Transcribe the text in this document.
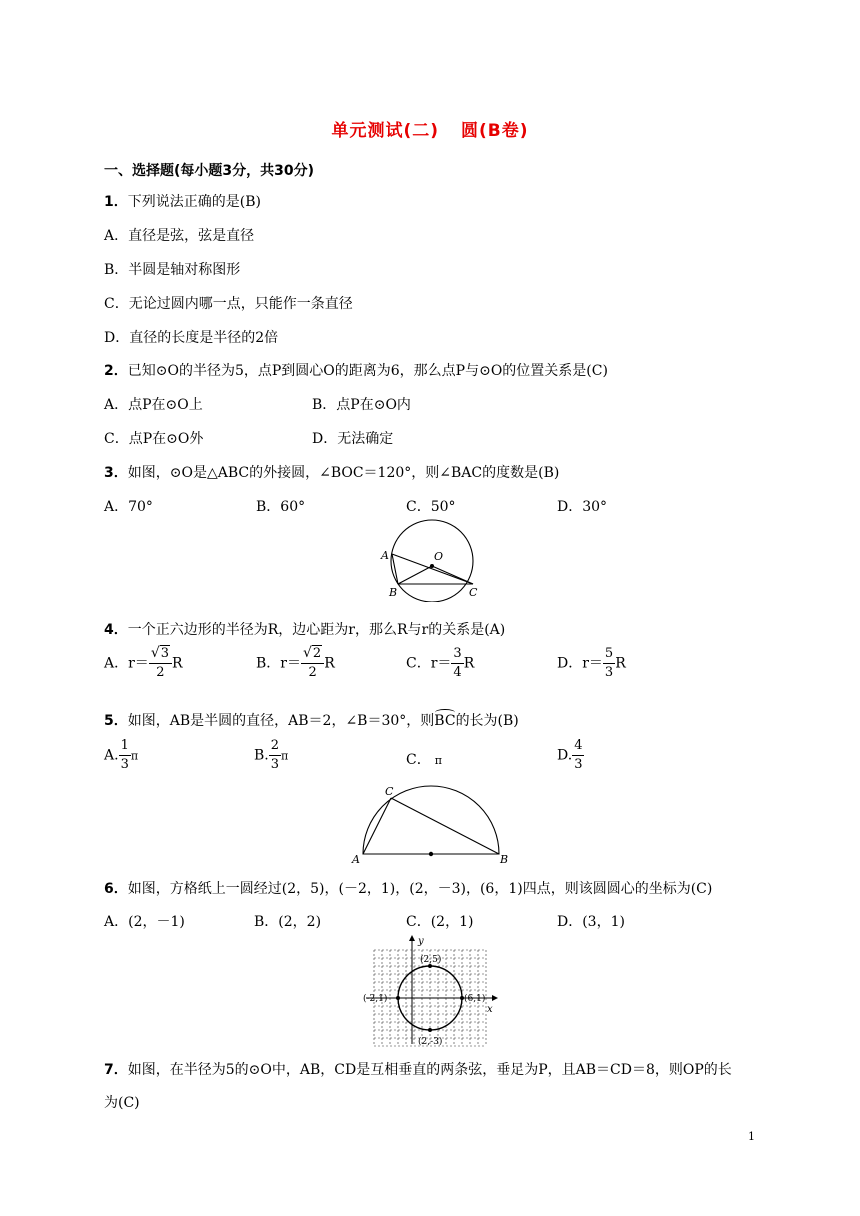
单元测试(二) 圆(B卷)
一、选择题(每小题3分，共30分)
1．下列说法正确的是(B)
A．直径是弦，弦是直径
B．半圆是轴对称图形
C．无论过圆内哪一点，只能作一条直径
D．直径的长度是半径的2倍
2．已知⊙O的半径为5，点P到圆心O的距离为6，那么点P与⊙O的位置关系是(C)
A．点P在⊙O上	B．点P在⊙O内
C．点P在⊙O外	D．无法确定
3．如图，⊙O是△ABC的外接圆，∠BOC＝120°，则∠BAC的度数是(B)
A．70°	B．60°	C．50°	D．30°
A
B	C
O
4．一个正六边形的半径为R，边心距为r，那么R与r的关系是(A)
A．$r= \frac{√ 3}{2}$ R	B．$r= \frac{√ 2}{2}$ R	C．$r= \frac{3}{4}$ R	D．$r= \frac{5}{3}$ R
5．如图，AB是半圆的直径，AB＝2，∠B＝30°，则BC的长为(B)
A. $\frac{1}{3}$ π	B. $\frac{2}{3}$ π	C． π	D. $\frac{4}{3}$
A	B
C
6．如图，方格纸上一圆经过(2，5)，(－2，1)，(2，－3)，(6，1)四点，则该圆圆心的坐标为(C)
A．(2，－1)	B．(2，2)	C．(2，1)	D．(3，1)
x
y
(2,5)
(-2,1)	(6,1)
(2,-3)
7．如图，在半径为5的⊙O中，AB，CD是互相垂直的两条弦，垂足为P，且AB＝CD＝8，则OP的长
为(C)
1
